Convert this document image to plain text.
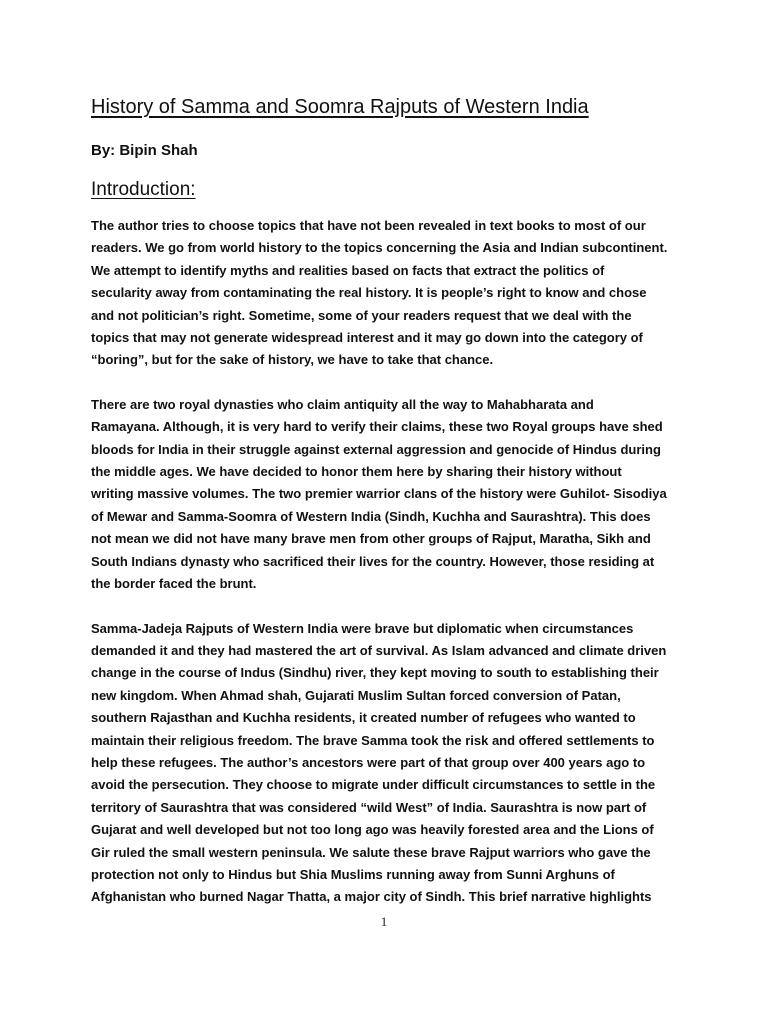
History of Samma and Soomra Rajputs of Western India
By: Bipin Shah
Introduction:
The author tries to choose topics that have not been revealed in text books to most of our
readers. We go from world history to the topics concerning the Asia and Indian subcontinent.
We attempt to identify myths and realities based on facts that extract the politics of
secularity away from contaminating the real history. It is people’s right to know and chose
and not politician’s right. Sometime, some of your readers request that we deal with the
topics that may not generate widespread interest and it may go down into the category of
“boring”, but for the sake of history, we have to take that chance.
There are two royal dynasties who claim antiquity all the way to Mahabharata and
Ramayana. Although, it is very hard to verify their claims, these two Royal groups have shed
bloods for India in their struggle against external aggression and genocide of Hindus during
the middle ages. We have decided to honor them here by sharing their history without
writing massive volumes. The two premier warrior clans of the history were Guhilot- Sisodiya
of Mewar and Samma-Soomra of Western India (Sindh, Kuchha and Saurashtra). This does
not mean we did not have many brave men from other groups of Rajput, Maratha, Sikh and
South Indians dynasty who sacrificed their lives for the country. However, those residing at
the border faced the brunt.
Samma-Jadeja Rajputs of Western India were brave but diplomatic when circumstances
demanded it and they had mastered the art of survival. As Islam advanced and climate driven
change in the course of Indus (Sindhu) river, they kept moving to south to establishing their
new kingdom. When Ahmad shah, Gujarati Muslim Sultan forced conversion of Patan,
southern Rajasthan and Kuchha residents, it created number of refugees who wanted to
maintain their religious freedom. The brave Samma took the risk and offered settlements to
help these refugees. The author’s ancestors were part of that group over 400 years ago to
avoid the persecution. They choose to migrate under difficult circumstances to settle in the
territory of Saurashtra that was considered “wild West” of India. Saurashtra is now part of
Gujarat and well developed but not too long ago was heavily forested area and the Lions of
Gir ruled the small western peninsula. We salute these brave Rajput warriors who gave the
protection not only to Hindus but Shia Muslims running away from Sunni Arghuns of
Afghanistan who burned Nagar Thatta, a major city of Sindh. This brief narrative highlights
1
